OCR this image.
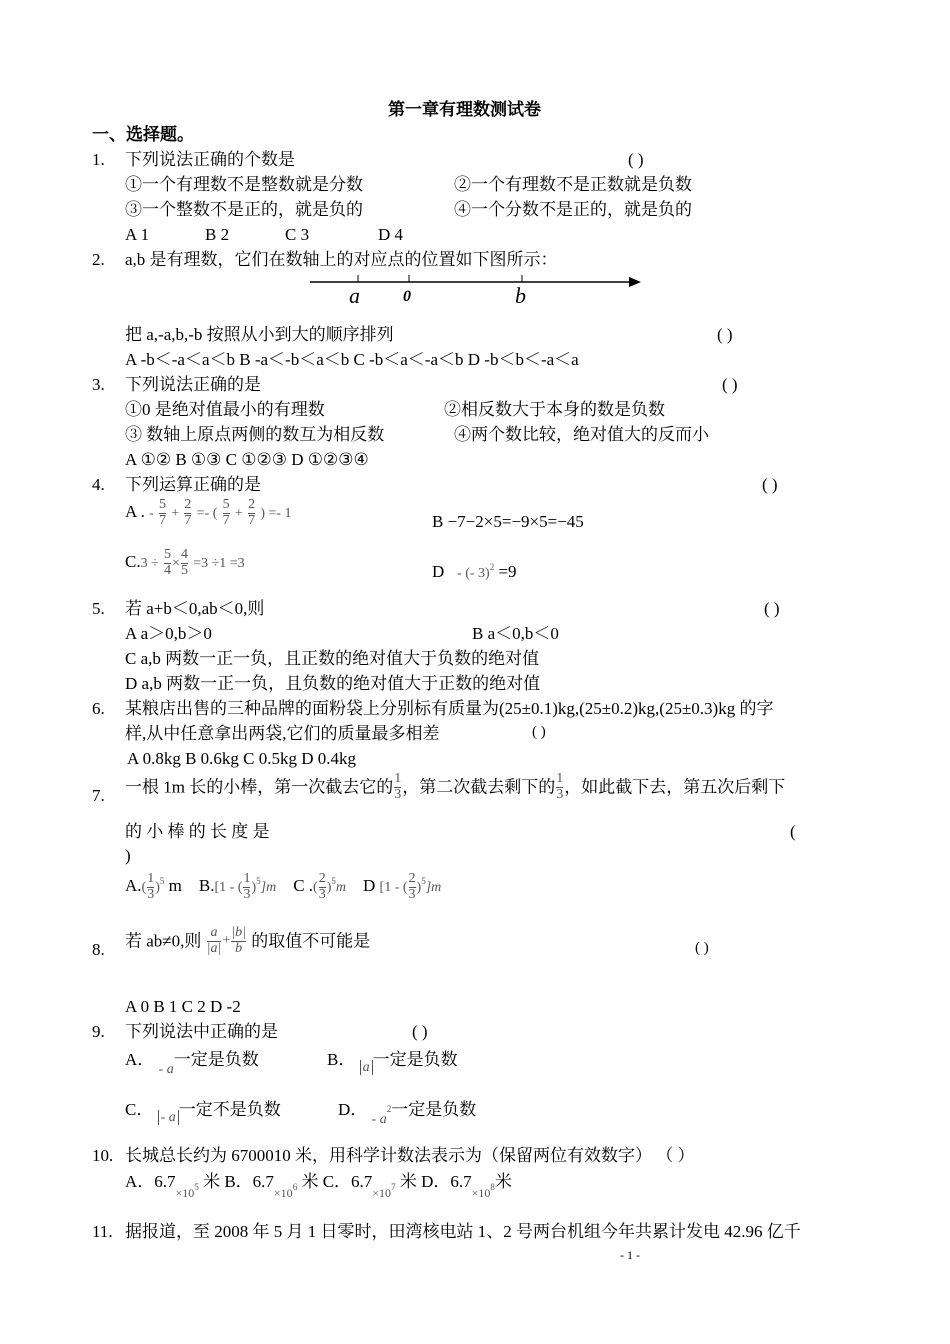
第一章有理数测试卷
一、选择题。
1. 下列说法正确的个数是	( )
①一个有理数不是整数就是分数	②一个有理数不是正数就是负数
③一个整数不是正的，就是负的	④一个分数不是正的，就是负的
A 1	B 2	C 3	D 4
2. a,b 是有理数，它们在数轴上的对应点的位置如下图所示：
a	0	b
把 a,-a,b,-b 按照从小到大的顺序排列	( )
A -b＜-a＜a＜b B -a＜-b＜a＜b C -b＜a＜-a＜b D -b＜b＜-a＜a
3. 下列说法正确的是	( )
①0 是绝对值最小的有理数	②相反数大于本身的数是负数
③ 数轴上原点两侧的数互为相反数	④两个数比较，绝对值大的反而小
A ①② B ①③ C ①②③ D ①②③④
4. 下列运算正确的是	( )
A . - $\frac{5}{7} + \frac{2}{7}$ =- ( $\frac{5}{7} + \frac{2}{7}$ ) =- 1	B −7−2×5=−9×5=−45
$C.3 \div \frac{5}{4} \times \frac{4}{5} =3 \div 1 =3$	D - (- 3)$^2$ =9
5. 若 a+b＜0,ab＜0,则	( )
A a＞0,b＞0	B a＜0,b＜0
C a,b 两数一正一负，且正数的绝对值大于负数的绝对值
D a,b 两数一正一负，且负数的绝对值大于正数的绝对值
6. 某粮店出售的三种品牌的面粉袋上分别标有质量为(25±0.1)kg,(25±0.2)kg,(25±0.3)kg 的字
样,从中任意拿出两袋,它们的质量最多相差	( )
A 0.8kg B 0.6kg C 0.5kg D 0.4kg
7. 一根 1m 长的小棒，第一次截去它的 $\frac{1}{3}$ ，第二次截去剩下的 $\frac{1}{3}$ ，如此截下去，第五次后剩下
的 小 棒 的 长 度 是	(
)
$A.( \frac{1}{3} )^5$ m B.[1 - ( $\frac{1}{3} )^5]m$ C .( $\frac{2}{3} )^5m$ D [1 - ( $\frac{2}{3} )^5]m$
8. 若 ab≠0,则 $\frac{a}{|a|} + \frac{|b|}{b}$ 的取值不可能是	( )
A 0 B 1 C 2 D -2
9. 下列说法中正确的是	( )
A． $_{- a}$一定是负数	B． $_a$ 一定是负数
C． $_{- a}$ 一定不是负数	D． $_{- a}^2$一定是负数
10. 长城总长约为 6700010 米，用科学计数法表示为（保留两位有效数字） （ ）
A．$6.7_{\times 10^5}$ 米 B．$6.7_{\times 10^6}$ 米 C．$6.7_{\times 10^7}$ 米 D．$6.7_{\times 10^8}$米
11. 据报道，至 2008 年 5 月 1 日零时，田湾核电站 1、2 号两台机组今年共累计发电 42.96 亿千
- 1 -
